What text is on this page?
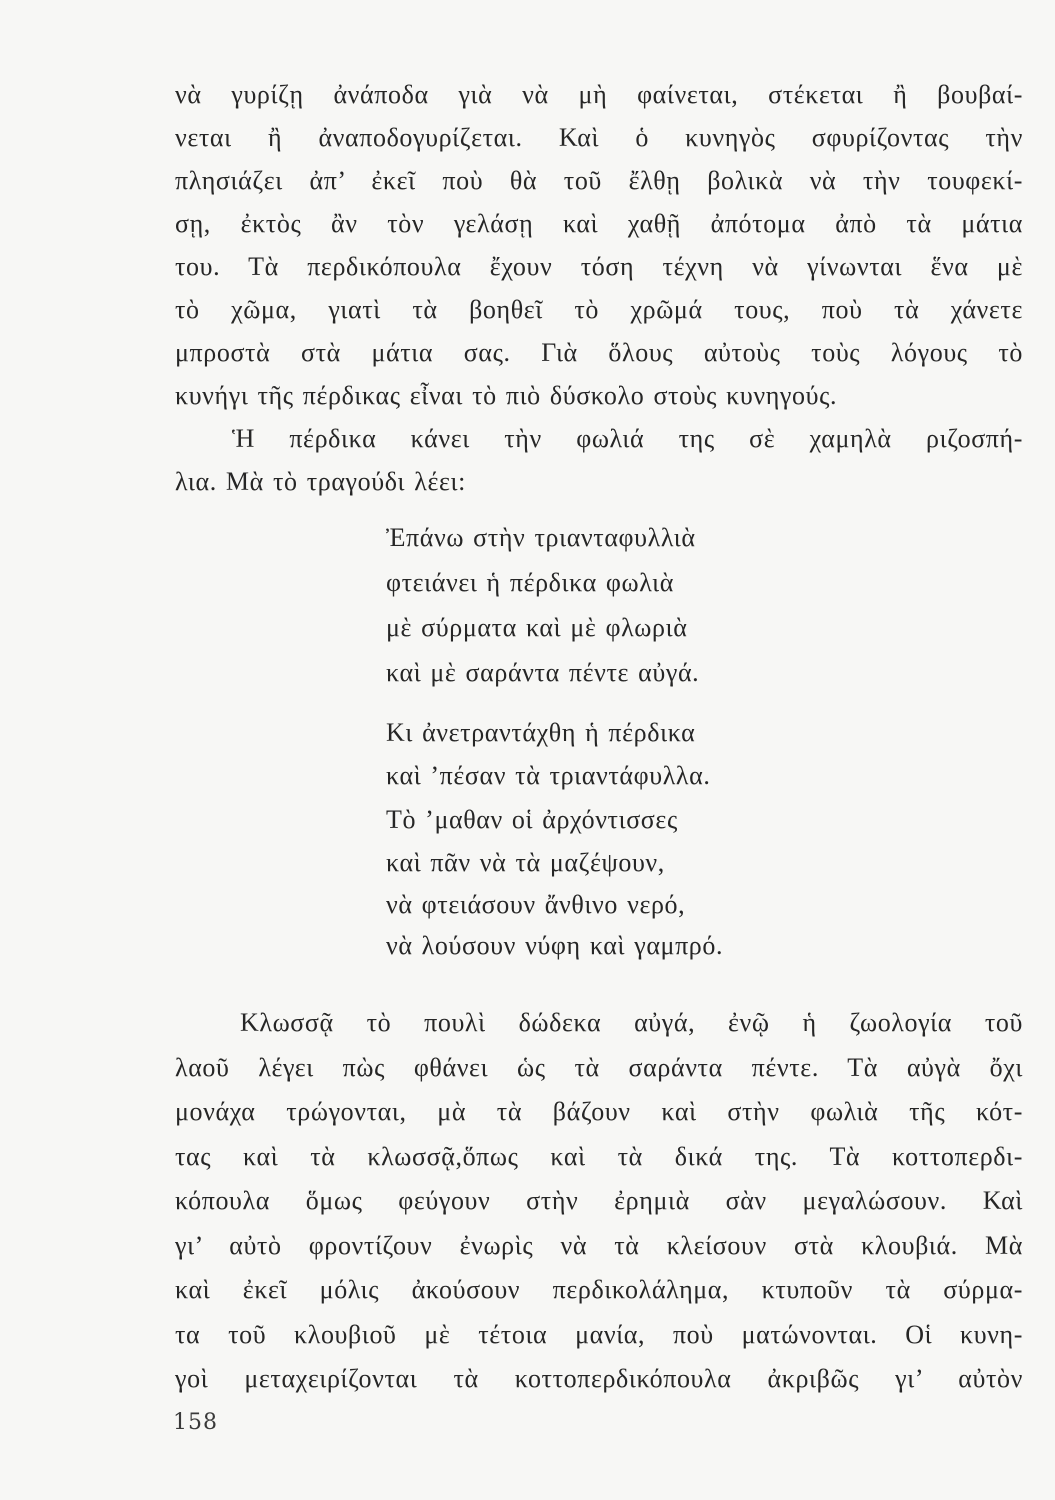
νὰ γυρίζῃ ἀνάποδα γιὰ νὰ μὴ φαίνεται, στέκεται ἢ βουβαί-
νεται ἢ ἀναποδογυρίζεται. Καὶ ὁ κυνηγὸς σφυρίζοντας τὴν
πλησιάζει ἀπ’ ἐκεῖ ποὺ θὰ τοῦ ἔλθῃ βολικὰ νὰ τὴν τουφεκί-
σῃ, ἐκτὸς ἂν τὸν γελάσῃ καὶ χαθῇ ἀπότομα ἀπὸ τὰ μάτια
του. Τὰ περδικόπουλα ἔχουν τόση τέχνη νὰ γίνωνται ἕνα μὲ
τὸ χῶμα, γιατὶ τὰ βοηθεῖ τὸ χρῶμά τους, ποὺ τὰ χάνετε
μπροστὰ στὰ μάτια σας. Γιὰ ὅλους αὐτοὺς τοὺς λόγους τὸ
κυνήγι τῆς πέρδικας εἶναι τὸ πιὸ δύσκολο στοὺς κυνηγούς.
Ἡ πέρδικα κάνει τὴν φωλιά της σὲ χαμηλὰ ριζοσπή-
λια. Μὰ τὸ τραγούδι λέει:
Ἐπάνω στὴν τριανταφυλλιὰ
φτειάνει ἡ πέρδικα φωλιὰ
μὲ σύρματα καὶ μὲ φλωριὰ
καὶ μὲ σαράντα πέντε αὐγά.
Κι ἀνετραντάχθη ἡ πέρδικα
καὶ ’πέσαν τὰ τριαντάφυλλα.
Τὸ ’μαθαν οἱ ἀρχόντισσες
καὶ πᾶν νὰ τὰ μαζέψουν,
νὰ φτειάσουν ἄνθινο νερό,
νὰ λούσουν νύφη καὶ γαμπρό.
Κλωσσᾷ τὸ πουλὶ δώδεκα αὐγά, ἐνῷ ἡ ζωολογία τοῦ
λαοῦ λέγει πὼς φθάνει ὡς τὰ σαράντα πέντε. Τὰ αὐγὰ ὄχι
μονάχα τρώγονται, μὰ τὰ βάζουν καὶ στὴν φωλιὰ τῆς κότ-
τας καὶ τὰ κλωσσᾷ,ὅπως καὶ τὰ δικά της. Τὰ κοττοπερδι-
κόπουλα ὅμως φεύγουν στὴν ἐρημιὰ σὰν μεγαλώσουν. Καὶ
γι’ αὐτὸ φροντίζουν ἐνωρὶς νὰ τὰ κλείσουν στὰ κλουβιά. Μὰ
καὶ ἐκεῖ μόλις ἀκούσουν περδικολάλημα, κτυποῦν τὰ σύρμα-
τα τοῦ κλουβιοῦ μὲ τέτοια μανία, ποὺ ματώνονται. Οἱ κυνη-
γοὶ μεταχειρίζονται τὰ κοττοπερδικόπουλα ἀκριβῶς γι’ αὐτὸν
158
